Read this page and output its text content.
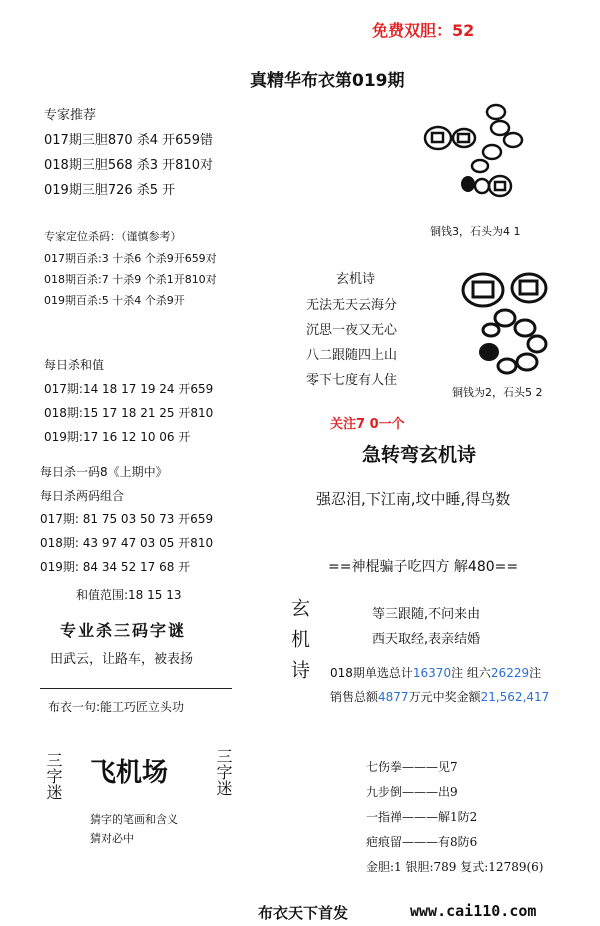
免费双胆：52
真精华布衣第019期
专家推荐
017期三胆870 杀4 开659错
018期三胆568 杀3 开810对
019期三胆726 杀5 开
专家定位杀码：（谨慎参考）
017期百杀:3 十杀6 个杀9开659对
018期百杀:7 十杀9 个杀1开810对
019期百杀:5 十杀4 个杀9开
每日杀和值
017期:14 18 17 19 24 开659
018期:15 17 18 21 25 开810
019期:17 16 12 10 06 开
每日杀一码8《上期中》
每日杀两码组合
017期: 81 75 03 50 73 开659
018期: 43 97 47 03 05 开810
019期: 84 34 52 17 68 开
和值范围:18 15 13
专业杀三码字谜
田武云，让路车，被表扬
布衣一句:能工巧匠立头功
三字迷 飞机场	三字迷
猜字的笔画和含义
猜对必中
铜钱3，石头为4 1
玄机诗
无法无天云海分
沉思一夜又无心
八二跟随四上山
零下七度有人住
铜钱为2，石头5 2
关注7 0一个
急转弯玄机诗
强忍泪,下江南,坟中睡,得鸟数
==神棍骗子吃四方 解480==
玄机诗	等三跟随,不问来由
西天取经,表亲结婚
018期单选总计16370注 组六26229注
销售总额4877万元中奖金额21,562,417
七伤拳———见7
九步倒———出9
一指禅———解1防2
疤痕留———有8防6
金胆:1 银胆:789 复式:12789(6)
布衣天下首发	www.cai110.com
